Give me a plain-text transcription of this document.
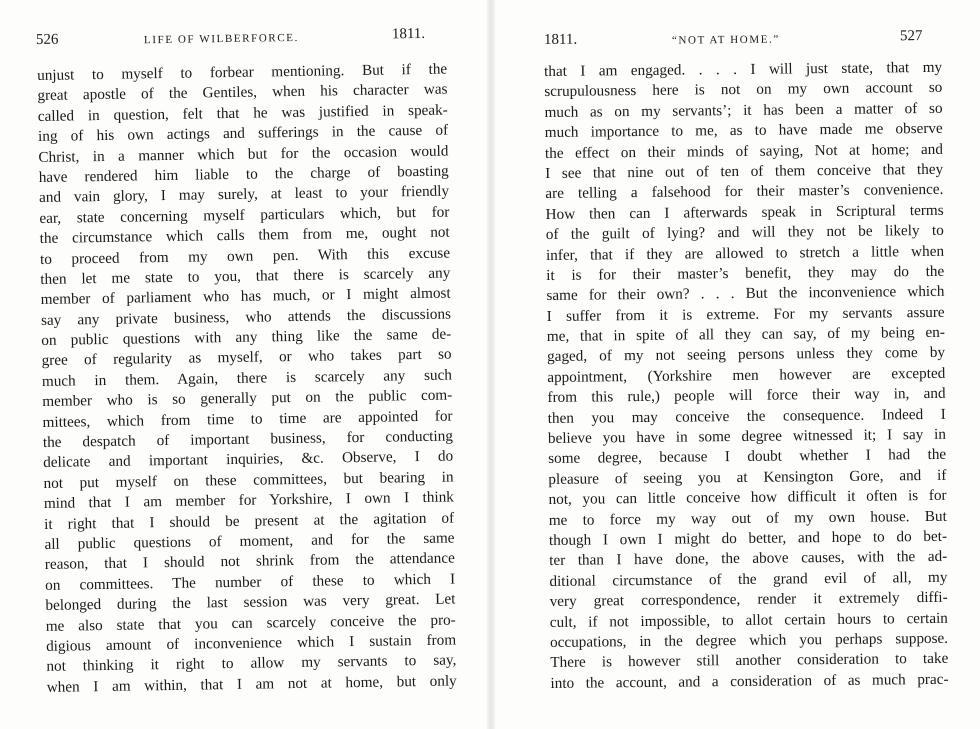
526	LIFE OF WILBERFORCE.	1811.
unjust to myself to forbear mentioning. But if the
great apostle of the Gentiles, when his character was
called in question, felt that he was justified in speak-
ing of his own actings and sufferings in the cause of
Christ, in a manner which but for the occasion would
have rendered him liable to the charge of boasting
and vain glory, I may surely, at least to your friendly
ear, state concerning myself particulars which, but for
the circumstance which calls them from me, ought not
to proceed from my own pen. With this excuse
then let me state to you, that there is scarcely any
member of parliament who has much, or I might almost
say any private business, who attends the discussions
on public questions with any thing like the same de-
gree of regularity as myself, or who takes part so
much in them. Again, there is scarcely any such
member who is so generally put on the public com-
mittees, which from time to time are appointed for
the despatch of important business, for conducting
delicate and important inquiries, &c. Observe, I do
not put myself on these committees, but bearing in
mind that I am member for Yorkshire, I own I think
it right that I should be present at the agitation of
all public questions of moment, and for the same
reason, that I should not shrink from the attendance
on committees. The number of these to which I
belonged during the last session was very great. Let
me also state that you can scarcely conceive the pro-
digious amount of inconvenience which I sustain from
not thinking it right to allow my servants to say,
when I am within, that I am not at home, but only
1811.	“NOT AT HOME.”	527
that I am engaged. . . . I will just state, that my
scrupulousness here is not on my own account so
much as on my servants’; it has been a matter of so
much importance to me, as to have made me observe
the effect on their minds of saying, Not at home; and
I see that nine out of ten of them conceive that they
are telling a falsehood for their master’s convenience.
How then can I afterwards speak in Scriptural terms
of the guilt of lying? and will they not be likely to
infer, that if they are allowed to stretch a little when
it is for their master’s benefit, they may do the
same for their own? . . . But the inconvenience which
I suffer from it is extreme. For my servants assure
me, that in spite of all they can say, of my being en-
gaged, of my not seeing persons unless they come by
appointment, (Yorkshire men however are excepted
from this rule,) people will force their way in, and
then you may conceive the consequence. Indeed I
believe you have in some degree witnessed it; I say in
some degree, because I doubt whether I had the
pleasure of seeing you at Kensington Gore, and if
not, you can little conceive how difficult it often is for
me to force my way out of my own house. But
though I own I might do better, and hope to do bet-
ter than I have done, the above causes, with the ad-
ditional circumstance of the grand evil of all, my
very great correspondence, render it extremely diffi-
cult, if not impossible, to allot certain hours to certain
occupations, in the degree which you perhaps suppose.
There is however still another consideration to take
into the account, and a consideration of as much prac-
